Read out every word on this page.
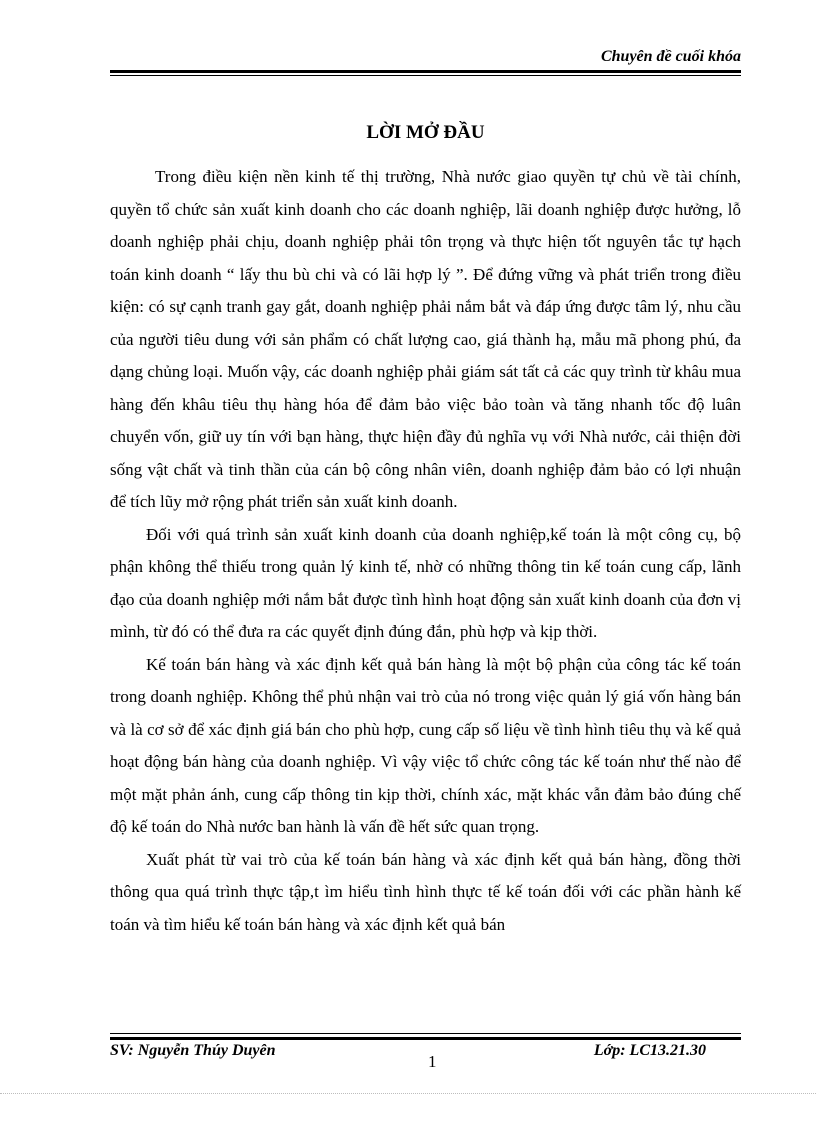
Chuyên đề cuối khóa
LỜI MỞ ĐẦU

Trong điều kiện nền kinh tế thị trường, Nhà nước giao quyền tự chủ về tài chính, quyền tổ chức sản xuất kinh doanh cho các doanh nghiệp, lãi doanh nghiệp được hưởng, lỗ doanh nghiệp phải chịu, doanh nghiệp phải tôn trọng và thực hiện tốt nguyên tắc tự hạch toán kinh doanh “ lấy thu bù chi và có lãi hợp lý ”. Để đứng vững và phát triển trong điều kiện: có sự cạnh tranh gay gắt, doanh nghiệp phải nắm bắt và đáp ứng được tâm lý, nhu cầu của người tiêu dung với sản phẩm có chất lượng cao, giá thành hạ, mẫu mã phong phú, đa dạng chủng loại. Muốn vậy, các doanh nghiệp phải giám sát tất cả các quy trình từ khâu mua hàng đến khâu tiêu thụ hàng hóa để đảm bảo việc bảo toàn và tăng nhanh tốc độ luân chuyển vốn, giữ uy tín với bạn hàng, thực hiện đầy đủ nghĩa vụ với Nhà nước, cải thiện đời sống vật chất và tinh thần của cán bộ công nhân viên, doanh nghiệp đảm bảo có lợi nhuận để tích lũy mở rộng phát triển sản xuất kinh doanh.

Đối với quá trình sản xuất kinh doanh của doanh nghiệp,kế toán là một công cụ, bộ phận không thể thiếu trong quản lý kinh tế, nhờ có những thông tin kế toán cung cấp, lãnh đạo của doanh nghiệp mới nắm bắt được tình hình hoạt động sản xuất kinh doanh của đơn vị mình, từ đó có thể đưa ra các quyết định đúng đắn, phù hợp và kịp thời.

Kế toán bán hàng và xác định kết quả bán hàng là một bộ phận của công tác kế toán trong doanh nghiệp. Không thể phủ nhận vai trò của nó trong việc quản lý giá vốn hàng bán và là cơ sở để xác định giá bán cho phù hợp, cung cấp số liệu về tình hình tiêu thụ và kế quả hoạt động bán hàng của doanh nghiệp. Vì vậy việc tổ chức công tác kế toán như thế nào để một mặt phản ánh, cung cấp thông tin kịp thời, chính xác, mặt khác vẫn đảm bảo đúng chế độ kế toán do Nhà nước ban hành là vấn đề hết sức quan trọng.

Xuất phát từ vai trò của kế toán bán hàng và xác định kết quả bán hàng, đồng thời thông qua quá trình thực tập,t ìm hiểu tình hình thực tế kế toán đối với các phần hành kế toán và tìm hiểu kế toán bán hàng và xác định kết quả bán

SV: Nguyễn Thúy Duyên	Lớp: LC13.21.30
1
